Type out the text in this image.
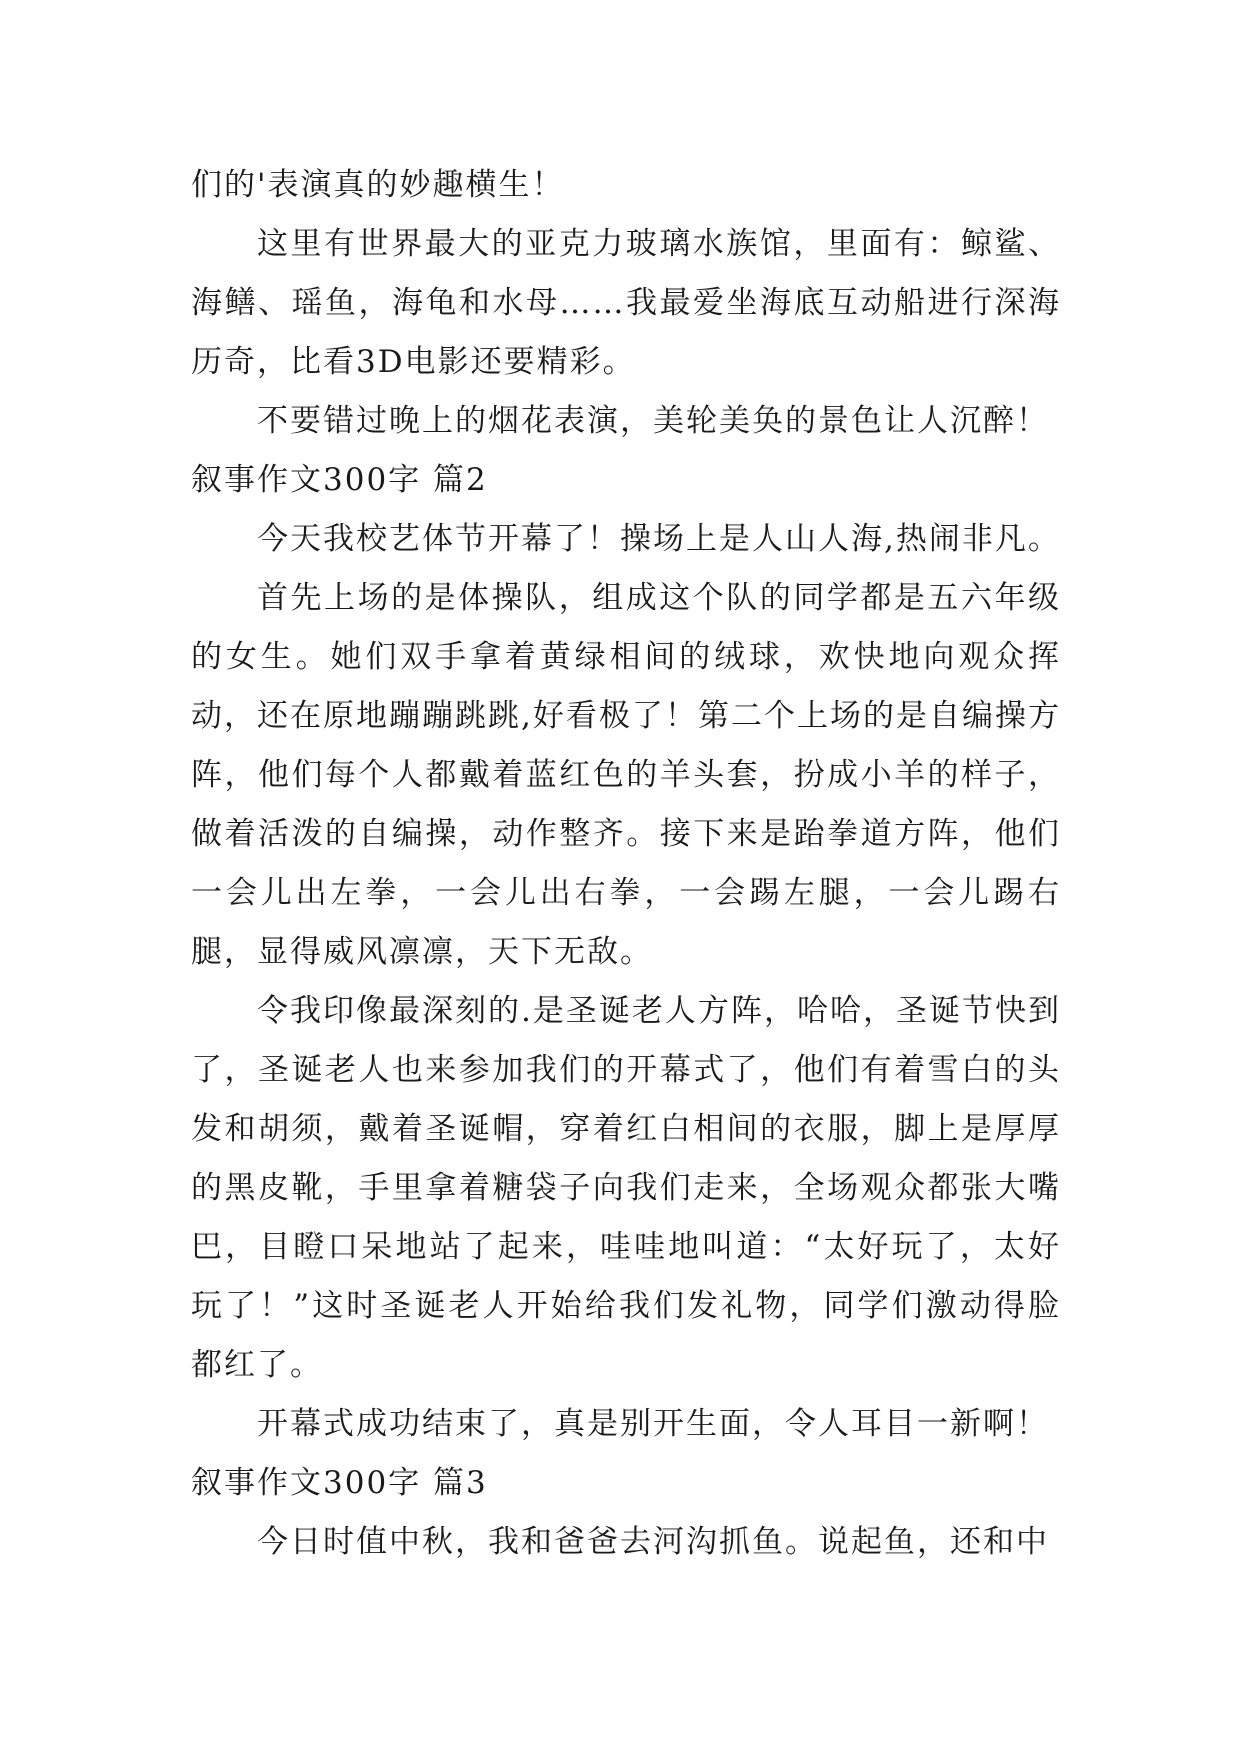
们的'表演真的妙趣横生！

这里有世界最大的亚克力玻璃水族馆，里面有：鲸鲨、海鳝、瑶鱼，海龟和水母……我最爱坐海底互动船进行深海历奇，比看3D电影还要精彩。

不要错过晚上的烟花表演，美轮美奂的景色让人沉醉！

叙事作文300字 篇2

今天我校艺体节开幕了！操场上是人山人海,热闹非凡。

首先上场的是体操队，组成这个队的同学都是五六年级的女生。她们双手拿着黄绿相间的绒球，欢快地向观众挥动，还在原地蹦蹦跳跳,好看极了！第二个上场的是自编操方阵，他们每个人都戴着蓝红色的羊头套，扮成小羊的样子，做着活泼的自编操，动作整齐。接下来是跆拳道方阵，他们一会儿出左拳，一会儿出右拳，一会踢左腿，一会儿踢右腿，显得威风凛凛，天下无敌。

令我印像最深刻的.是圣诞老人方阵，哈哈，圣诞节快到了，圣诞老人也来参加我们的开幕式了，他们有着雪白的头发和胡须，戴着圣诞帽，穿着红白相间的衣服，脚上是厚厚的黑皮靴，手里拿着糖袋子向我们走来，全场观众都张大嘴巴，目瞪口呆地站了起来，哇哇地叫道：“太好玩了，太好玩了！”这时圣诞老人开始给我们发礼物，同学们激动得脸都红了。

开幕式成功结束了，真是别开生面，令人耳目一新啊！

叙事作文300字 篇3

今日时值中秋，我和爸爸去河沟抓鱼。说起鱼，还和中
